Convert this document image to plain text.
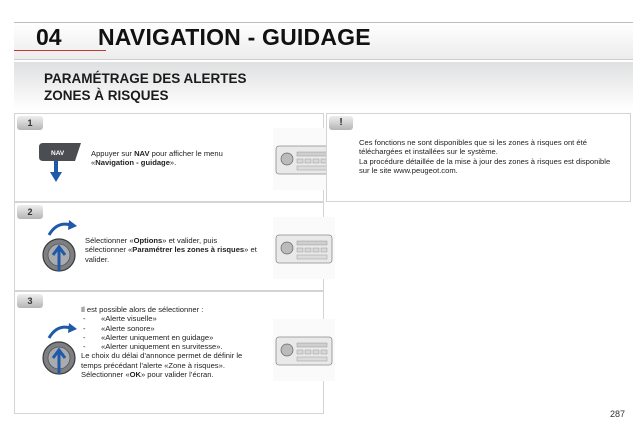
04 NAVIGATION - GUIDAGE
PARAMÉTRAGE DES ALERTES
ZONES À RISQUES
1
NAV	Appuyer sur NAV pour afficher le menu «Navigation - guidage».
2
Sélectionner «Options» et valider, puis sélectionner «Paramétrer les zones à risques» et valider.
3
Il est possible alors de sélectionner :
- «Alerte visuelle»
- «Alerte sonore»
- «Alerter uniquement en guidage»
- «Alerter uniquement en survitesse».
Le choix du délai d’annonce permet de définir le temps précédant l’alerte «Zone à risques».
Sélectionner «OK» pour valider l’écran.
!
Ces fonctions ne sont disponibles que si les zones à risques ont été téléchargées et installées sur le système.
La procédure détaillée de la mise à jour des zones à risques est disponible sur le site www.peugeot.com.
287
